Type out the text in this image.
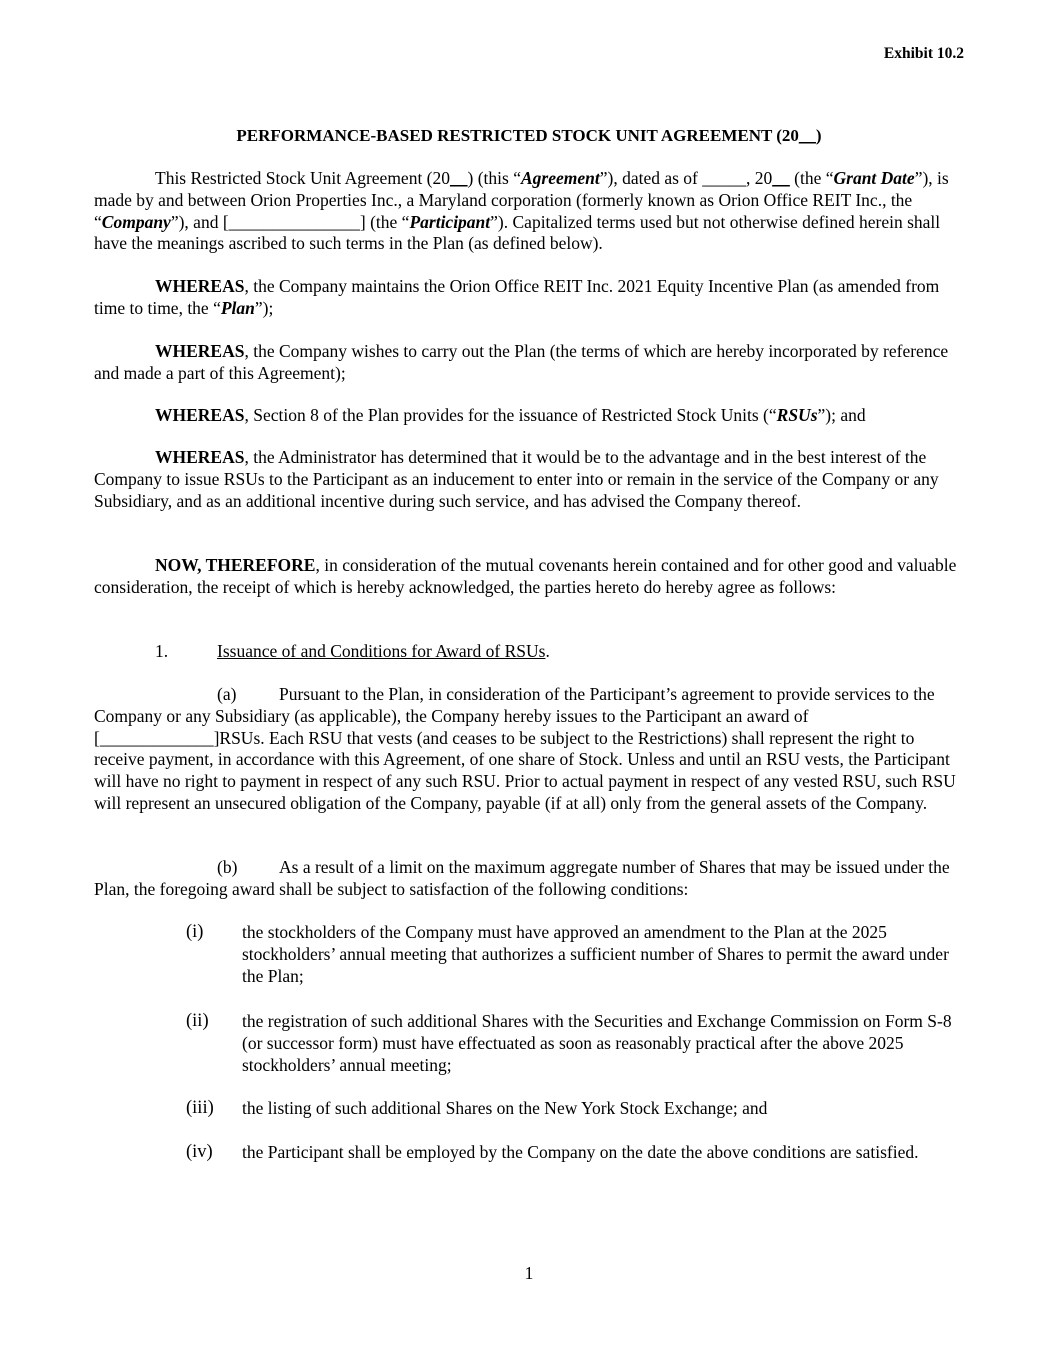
Exhibit 10.2
PERFORMANCE-BASED RESTRICTED STOCK UNIT AGREEMENT (20__)

This Restricted Stock Unit Agreement (20__) (this “Agreement”), dated as of _____, 20__ (the “Grant Date”), is made by and between Orion Properties Inc., a Maryland corporation (formerly known as Orion Office REIT Inc., the “Company”), and [_______________] (the “Participant”). Capitalized terms used but not otherwise defined herein shall have the meanings ascribed to such terms in the Plan (as defined below).

WHEREAS, the Company maintains the Orion Office REIT Inc. 2021 Equity Incentive Plan (as amended from time to time, the “Plan”);

WHEREAS, the Company wishes to carry out the Plan (the terms of which are hereby incorporated by reference and made a part of this Agreement);

WHEREAS, Section 8 of the Plan provides for the issuance of Restricted Stock Units (“RSUs”); and

WHEREAS, the Administrator has determined that it would be to the advantage and in the best interest of the Company to issue RSUs to the Participant as an inducement to enter into or remain in the service of the Company or any Subsidiary, and as an additional incentive during such service, and has advised the Company thereof.

NOW, THEREFORE, in consideration of the mutual covenants herein contained and for other good and valuable consideration, the receipt of which is hereby acknowledged, the parties hereto do hereby agree as follows:

1.	Issuance of and Conditions for Award of RSUs.

(a) Pursuant to the Plan, in consideration of the Participant’s agreement to provide services to the Company or any Subsidiary (as applicable), the Company hereby issues to the Participant an award of [_____________]RSUs. Each RSU that vests (and ceases to be subject to the Restrictions) shall represent the right to receive payment, in accordance with this Agreement, of one share of Stock. Unless and until an RSU vests, the Participant will have no right to payment in respect of any such RSU. Prior to actual payment in respect of any vested RSU, such RSU will represent an unsecured obligation of the Company, payable (if at all) only from the general assets of the Company.

(b) As a result of a limit on the maximum aggregate number of Shares that may be issued under the Plan, the foregoing award shall be subject to satisfaction of the following conditions:

(i) the stockholders of the Company must have approved an amendment to the Plan at the 2025 stockholders’ annual meeting that authorizes a sufficient number of Shares to permit the award under the Plan;
(ii) the registration of such additional Shares with the Securities and Exchange Commission on Form S-8 (or successor form) must have effectuated as soon as reasonably practical after the above 2025 stockholders’ annual meeting;
(iii) the listing of such additional Shares on the New York Stock Exchange; and
(iv) the Participant shall be employed by the Company on the date the above conditions are satisfied.
1
